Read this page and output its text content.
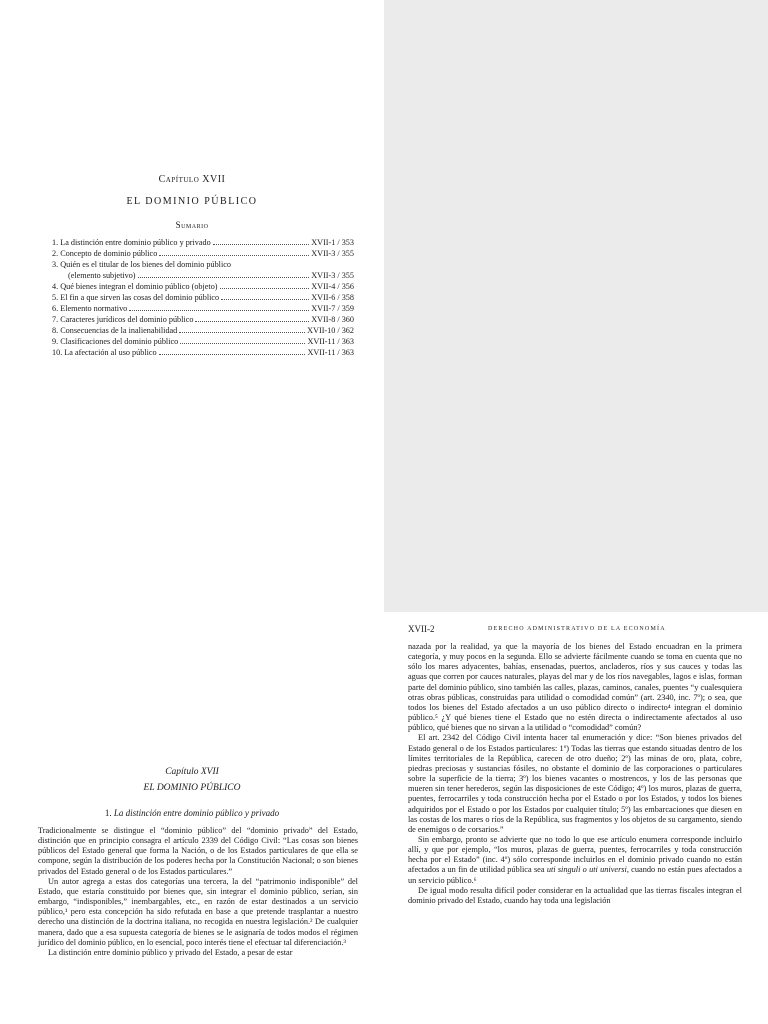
Capítulo XVII
EL DOMINIO PÚBLICO
Sumario
1. La distinción entre dominio público y privado	XVII-1 / 353
2. Concepto de dominio público	XVII-3 / 355
3. Quién es el titular de los bienes del dominio público
(elemento subjetivo)	XVII-3 / 355
4. Qué bienes integran el dominio público (objeto)	XVII-4 / 356
5. El fin a que sirven las cosas del dominio público	XVII-6 / 358
6. Elemento normativo	XVII-7 / 359
7. Caracteres jurídicos del dominio público	XVII-8 / 360
8. Consecuencias de la inalienabilidad	XVII-10 / 362
9. Clasificaciones del dominio público	XVII-11 / 363
10. La afectación al uso público	XVII-11 / 363
Capítulo XVII
EL DOMINIO PÚBLICO
1. La distinción entre dominio público y privado

Tradicionalmente se distingue el “dominio público” del “dominio privado” del Estado, distinción que en principio consagra el artículo 2339 del Código Civil: “Las cosas son bienes públicos del Estado general que forma la Nación, o de los Estados particulares de que ella se compone, según la distribución de los poderes hecha por la Constitución Nacional; o son bienes privados del Estado general o de los Estados particulares.”

Un autor agrega a estas dos categorías una tercera, la del “patrimonio indisponible” del Estado, que estaría constituido por bienes que, sin integrar el dominio público, serían, sin embargo, “indisponibles,” inembargables, etc., en razón de estar destinados a un servicio público,¹ pero esta concepción ha sido refutada en base a que pretende trasplantar a nuestro derecho una distinción de la doctrina italiana, no recogida en nuestra legislación.² De cualquier manera, dado que a esa supuesta categoría de bienes se le asignaría de todos modos el régimen jurídico del dominio público, en lo esencial, poco interés tiene el efectuar tal diferenciación.³

La distinción entre dominio público y privado del Estado, a pesar de estar

XVII-2	DERECHO ADMINISTRATIVO DE LA ECONOMÍA

nazada por la realidad, ya que la mayoría de los bienes del Estado encuadran en la primera categoría, y muy pocos en la segunda. Ello se advierte fácilmente cuando se toma en cuenta que no sólo los mares adyacentes, bahías, ensenadas, puertos, ancladeros, ríos y sus cauces y todas las aguas que corren por cauces naturales, playas del mar y de los ríos navegables, lagos e islas, forman parte del dominio público, sino también las calles, plazas, caminos, canales, puentes “y cualesquiera otras obras públicas, construidas para utilidad o comodidad común” (art. 2340, inc. 7º); o sea, que todos los bienes del Estado afectados a un uso público directo o indirecto⁴ integran el dominio público.⁵ ¿Y qué bienes tiene el Estado que no estén directa o indirectamente afectados al uso público, qué bienes que no sirvan a la utilidad o “comodidad” común?

El art. 2342 del Código Civil intenta hacer tal enumeración y dice: “Son bienes privados del Estado general o de los Estados particulares: 1º) Todas las tierras que estando situadas dentro de los límites territoriales de la República, carecen de otro dueño; 2º) las minas de oro, plata, cobre, piedras preciosas y sustancias fósiles, no obstante el dominio de las corporaciones o particulares sobre la superficie de la tierra; 3º) los bienes vacantes o mostrencos, y los de las personas que mueren sin tener herederos, según las disposiciones de este Código; 4º) los muros, plazas de guerra, puentes, ferrocarriles y toda construcción hecha por el Estado o por los Estados, y todos los bienes adquiridos por el Estado o por los Estados por cualquier título; 5º) las embarcaciones que diesen en las costas de los mares o ríos de la República, sus fragmentos y los objetos de su cargamento, siendo de enemigos o de corsarios.”

Sin embargo, pronto se advierte que no todo lo que ese artículo enumera corresponde incluirlo allí, y que por ejemplo, “los muros, plazas de guerra, puentes, ferrocarriles y toda construcción hecha por el Estado” (inc. 4º) sólo corresponde incluirlos en el dominio privado cuando no están afectados a un fin de utilidad pública sea uti singuli o uti universi, cuando no están pues afectados a un servicio público.⁶

De igual modo resulta difícil poder considerar en la actualidad que las tierras fiscales integran el dominio privado del Estado, cuando hay toda una legislación
